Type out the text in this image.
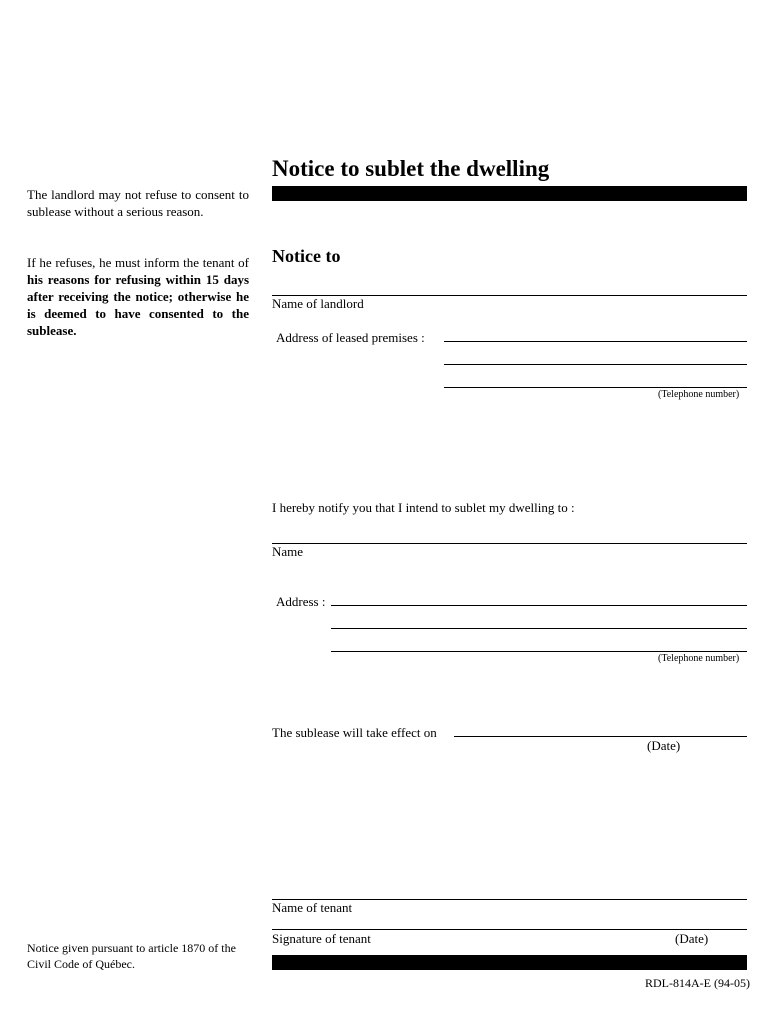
The landlord may not refuse to consent to sublease without a serious reason.

If he refuses, he must inform the tenant of his reasons for refusing within 15 days after receiving the notice; otherwise he is deemed to have consented to the sublease.

Notice given pursuant to article 1870 of the Civil Code of Québec.
Notice to sublet the dwelling
Notice to
Name of landlord
Address of leased premises :
(Telephone number)
I hereby notify you that I intend to sublet my dwelling to :
Name
Address :
(Telephone number)
The sublease will take effect on
(Date)
Name of tenant
Signature of tenant	(Date)
RDL-814A-E (94-05)
